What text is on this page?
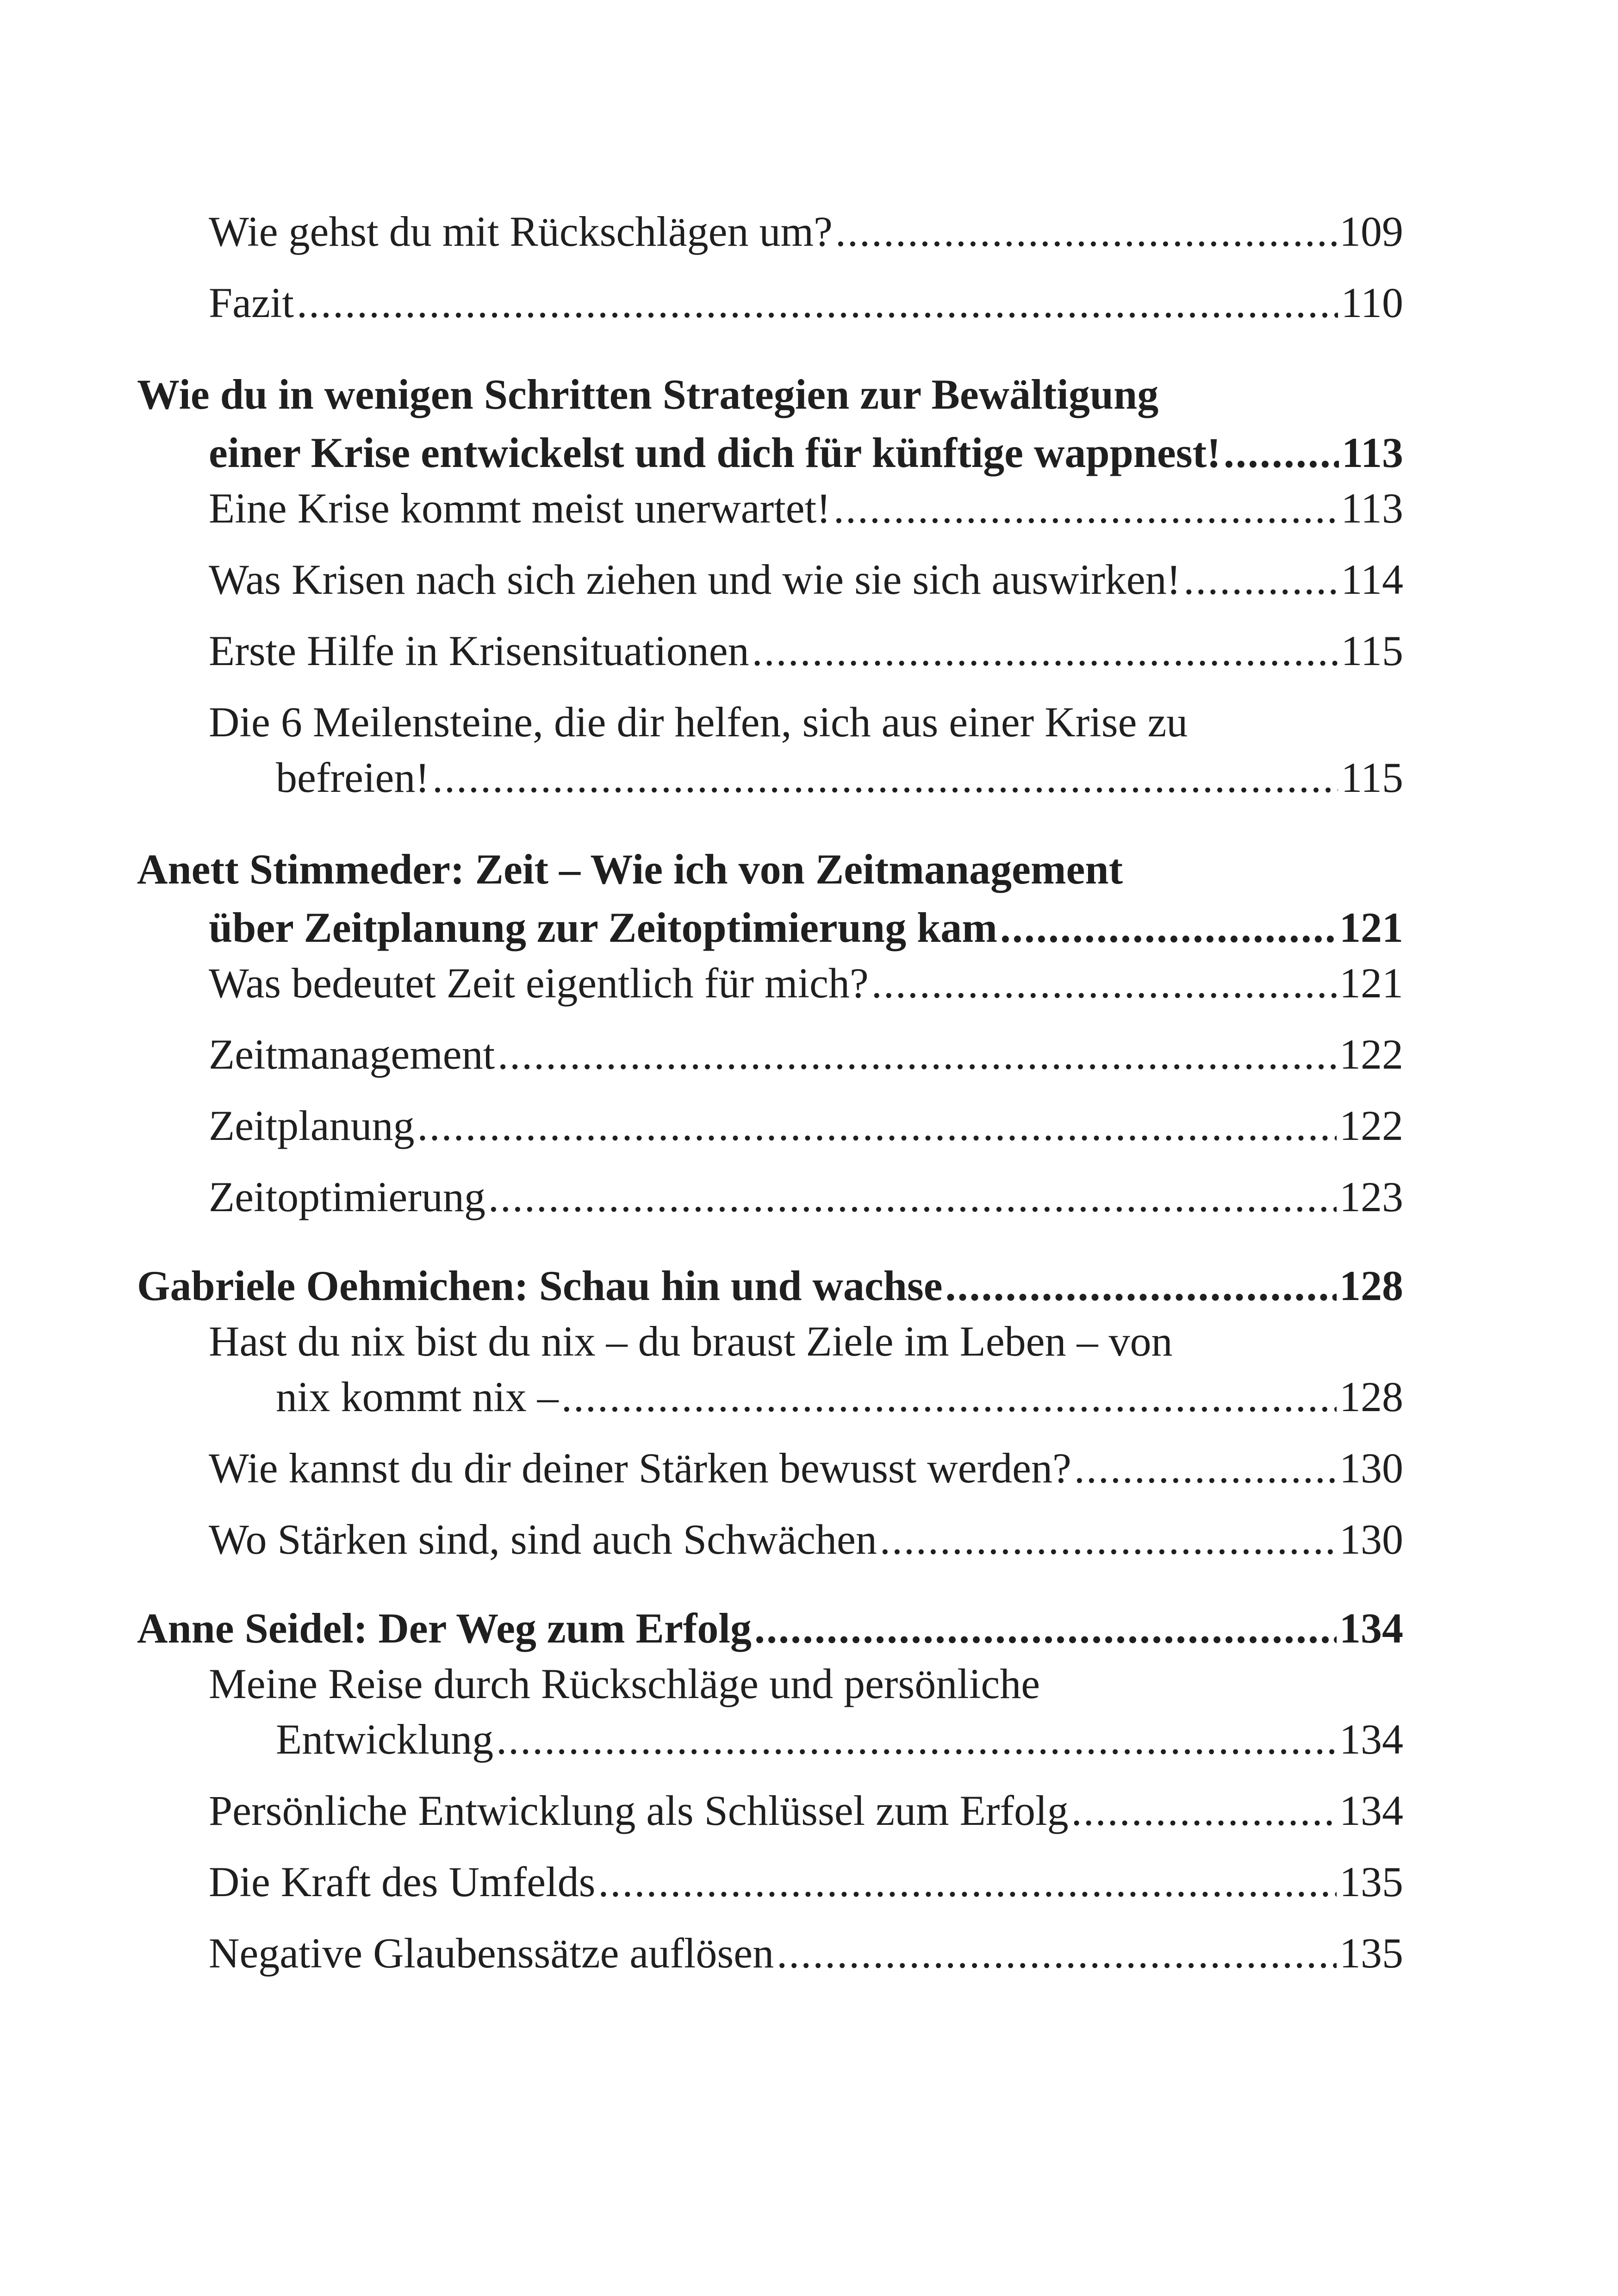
Wie gehst du mit Rückschlägen um? .....	109
Fazit .....	110
Wie du in wenigen Schritten Strategien zur Bewältigung
einer Krise entwickelst und dich für künftige wappnest! .....	113
Eine Krise kommt meist unerwartet! .....	113
Was Krisen nach sich ziehen und wie sie sich auswirken! .....	114
Erste Hilfe in Krisensituationen .....	115
Die 6 Meilensteine, die dir helfen, sich aus einer Krise zu
befreien! .....	115
Anett Stimmeder: Zeit – Wie ich von Zeitmanagement
über Zeitplanung zur Zeitoptimierung kam .....	121
Was bedeutet Zeit eigentlich für mich? .....	121
Zeitmanagement .....	122
Zeitplanung .....	122
Zeitoptimierung .....	123
Gabriele Oehmichen: Schau hin und wachse .....	128
Hast du nix bist du nix – du braust Ziele im Leben – von
nix kommt nix – .....	128
Wie kannst du dir deiner Stärken bewusst werden? .....	130
Wo Stärken sind, sind auch Schwächen .....	130
Anne Seidel: Der Weg zum Erfolg .....	134
Meine Reise durch Rückschläge und persönliche
Entwicklung .....	134
Persönliche Entwicklung als Schlüssel zum Erfolg .....	134
Die Kraft des Umfelds .....	135
Negative Glaubenssätze auflösen .....	135
